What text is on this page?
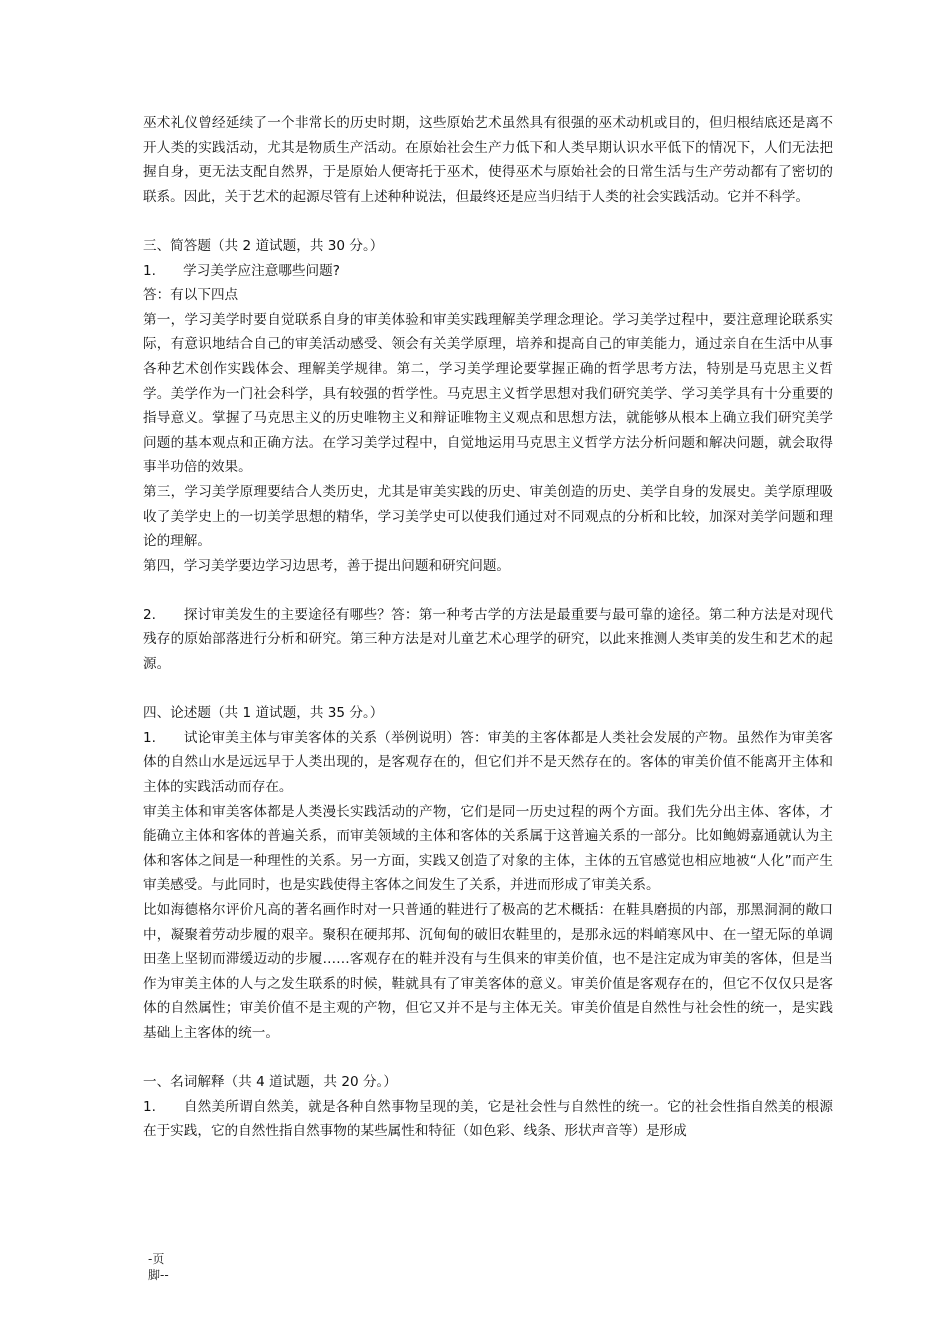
巫术礼仪曾经延续了一个非常长的历史时期，这些原始艺术虽然具有很强的巫术动机或目的，但归根结底还是离不开人类的实践活动，尤其是物质生产活动。在原始社会生产力低下和人类早期认识水平低下的情况下，人们无法把握自身，更无法支配自然界，于是原始人便寄托于巫术，使得巫术与原始社会的日常生活与生产劳动都有了密切的联系。因此，关于艺术的起源尽管有上述种种说法，但最终还是应当归结于人类的社会实践活动。它并不科学。

三、简答题（共 2 道试题，共 30 分。）

1.　　学习美学应注意哪些问题?

答：有以下四点

第一，学习美学时要自觉联系自身的审美体验和审美实践理解美学理念理论。学习美学过程中，要注意理论联系实际，有意识地结合自己的审美活动感受、领会有关美学原理，培养和提高自己的审美能力，通过亲自在生活中从事各种艺术创作实践体会、理解美学规律。第二，学习美学理论要掌握正确的哲学思考方法，特别是马克思主义哲学。美学作为一门社会科学，具有较强的哲学性。马克思主义哲学思想对我们研究美学、学习美学具有十分重要的指导意义。掌握了马克思主义的历史唯物主义和辩证唯物主义观点和思想方法，就能够从根本上确立我们研究美学问题的基本观点和正确方法。在学习美学过程中，自觉地运用马克思主义哲学方法分析问题和解决问题，就会取得事半功倍的效果。

第三，学习美学原理要结合人类历史，尤其是审美实践的历史、审美创造的历史、美学自身的发展史。美学原理吸收了美学史上的一切美学思想的精华，学习美学史可以使我们通过对不同观点的分析和比较，加深对美学问题和理论的理解。

第四，学习美学要边学习边思考，善于提出问题和研究问题。

2.　　探讨审美发生的主要途径有哪些？答：第一种考古学的方法是最重要与最可靠的途径。第二种方法是对现代残存的原始部落进行分析和研究。第三种方法是对儿童艺术心理学的研究，以此来推测人类审美的发生和艺术的起源。

四、论述题（共 1 道试题，共 35 分。）

1.　　试论审美主体与审美客体的关系（举例说明）答：审美的主客体都是人类社会发展的产物。虽然作为审美客体的自然山水是远远早于人类出现的，是客观存在的，但它们并不是天然存在的。客体的审美价值不能离开主体和主体的实践活动而存在。

审美主体和审美客体都是人类漫长实践活动的产物，它们是同一历史过程的两个方面。我们先分出主体、客体，才能确立主体和客体的普遍关系，而审美领域的主体和客体的关系属于这普遍关系的一部分。比如鲍姆嘉通就认为主体和客体之间是一种理性的关系。另一方面，实践又创造了对象的主体，主体的五官感觉也相应地被“人化”而产生审美感受。与此同时，也是实践使得主客体之间发生了关系，并进而形成了审美关系。

比如海德格尔评价凡高的著名画作时对一只普通的鞋进行了极高的艺术概括：在鞋具磨损的内部，那黑洞洞的敞口中，凝聚着劳动步履的艰辛。聚积在硬邦邦、沉甸甸的破旧农鞋里的，是那永远的料峭寒风中、在一望无际的单调田垄上坚韧而滞缓迈动的步履……客观存在的鞋并没有与生俱来的审美价值，也不是注定成为审美的客体，但是当作为审美主体的人与之发生联系的时候，鞋就具有了审美客体的意义。审美价值是客观存在的，但它不仅仅只是客体的自然属性；审美价值不是主观的产物，但它又并不是与主体无关。审美价值是自然性与社会性的统一，是实践基础上主客体的统一。

一、名词解释（共 4 道试题，共 20 分。）

1.　　自然美所谓自然美，就是各种自然事物呈现的美，它是社会性与自然性的统一。它的社会性指自然美的根源在于实践，它的自然性指自然事物的某些属性和特征（如色彩、线条、形状声音等）是形成

-页
脚--
